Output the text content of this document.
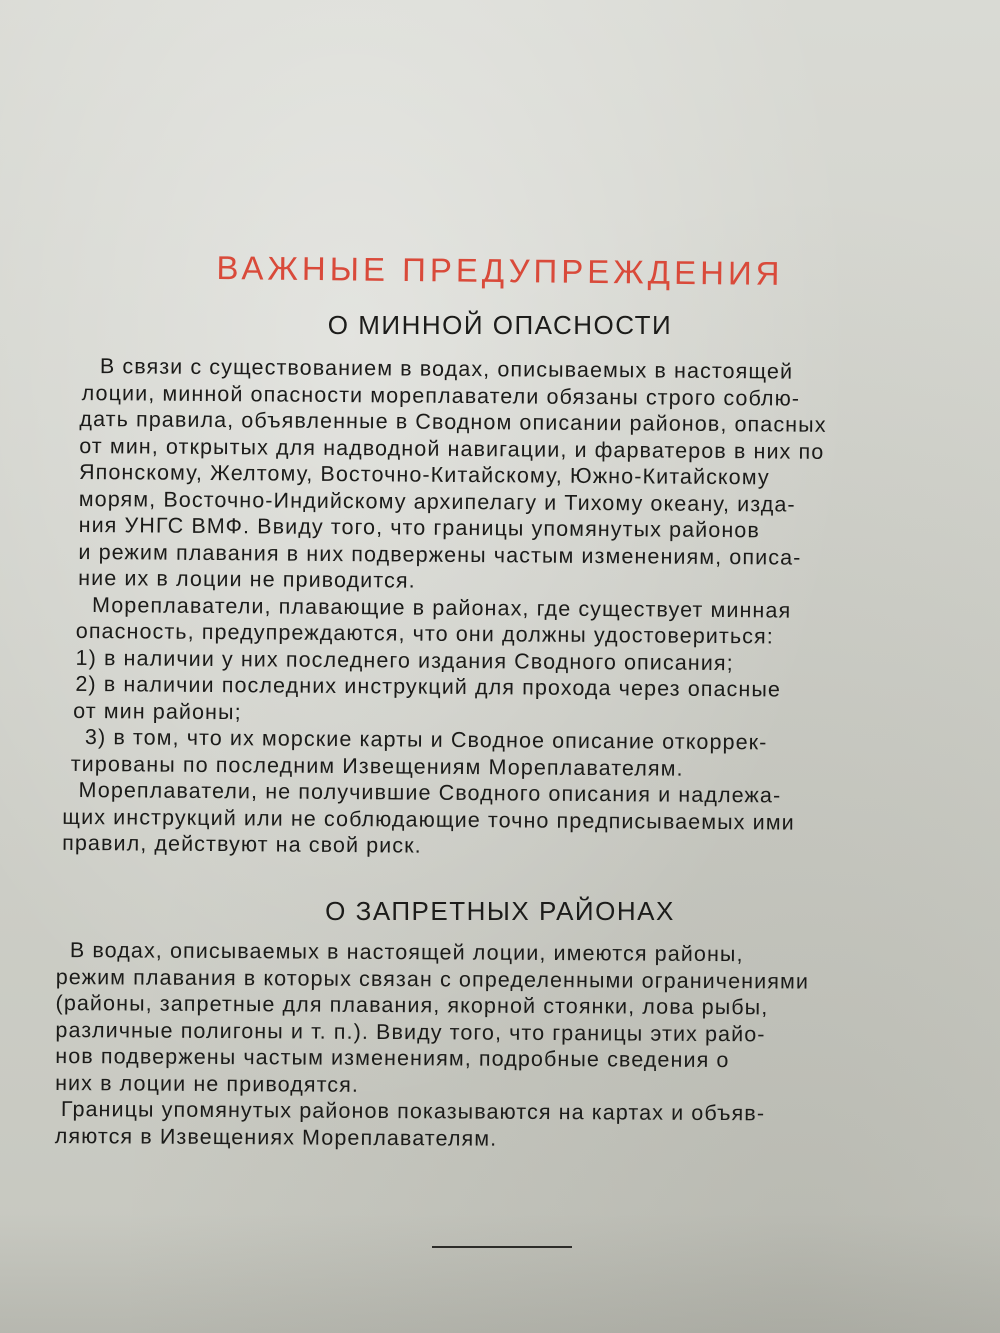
ВАЖНЫЕ ПРЕДУПРЕЖДЕНИЯ
О МИННОЙ ОПАСНОСТИ
В связи с существованием в водах, описываемых в настоящей
лоции, минной опасности мореплаватели обязаны строго соблю-
дать правила, объявленные в Сводном описании районов, опасных
от мин, открытых для надводной навигации, и фарватеров в них по
Японскому, Желтому, Восточно-Китайскому, Южно-Китайскому
морям, Восточно-Индийскому архипелагу и Тихому океану, изда-
ния УНГС ВМФ. Ввиду того, что границы упомянутых районов
и режим плавания в них подвержены частым изменениям, описа-
ние их в лоции не приводится.
Мореплаватели, плавающие в районах, где существует минная
опасность, предупреждаются, что они должны удостовериться:
1) в наличии у них последнего издания Сводного описания;
2) в наличии последних инструкций для прохода через опасные
от мин районы;
3) в том, что их морские карты и Сводное описание откоррек-
тированы по последним Извещениям Мореплавателям.
Мореплаватели, не получившие Сводного описания и надлежа-
щих инструкций или не соблюдающие точно предписываемых ими
правил, действуют на свой риск.
О ЗАПРЕТНЫХ РАЙОНАХ
В водах, описываемых в настоящей лоции, имеются районы,
режим плавания в которых связан с определенными ограничениями
(районы, запретные для плавания, якорной стоянки, лова рыбы,
различные полигоны и т. п.). Ввиду того, что границы этих райо-
нов подвержены частым изменениям, подробные сведения о
них в лоции не приводятся.
Границы упомянутых районов показываются на картах и объяв-
ляются в Извещениях Мореплавателям.
